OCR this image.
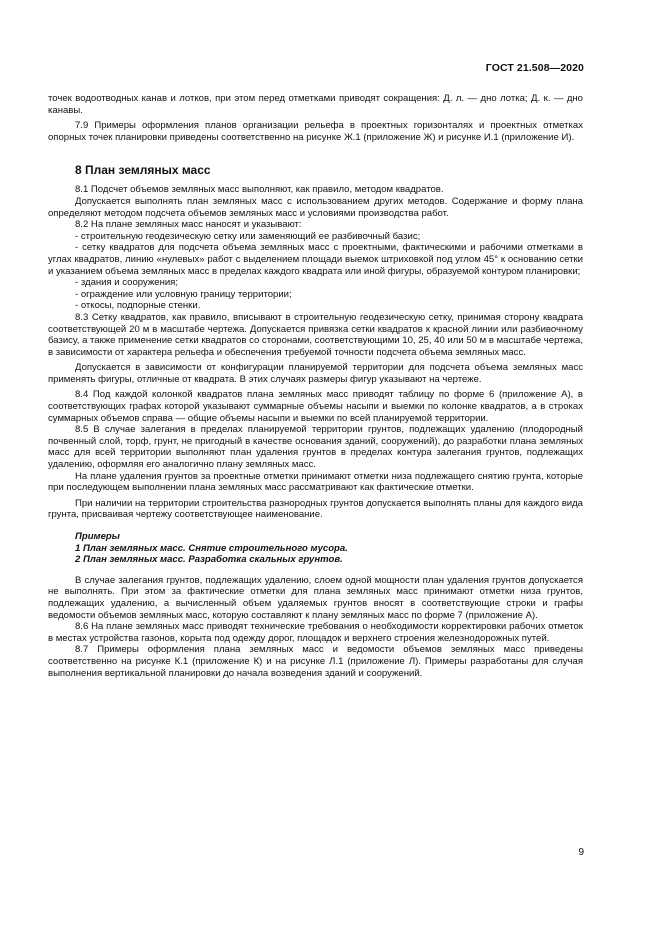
ГОСТ 21.508—2020

точек водоотводных канав и лотков, при этом перед отметками приводят сокращения: Д. л. — дно лотка; Д. к. — дно канавы.

7.9 Примеры оформления планов организации рельефа в проектных горизонталях и проектных отметках опорных точек планировки приведены соответственно на рисунке Ж.1 (приложение Ж) и рисунке И.1 (приложение И).

8 План земляных масс

8.1 Подсчет объемов земляных масс выполняют, как правило, методом квадратов.

Допускается выполнять план земляных масс с использованием других методов. Содержание и форму плана определяют методом подсчета объемов земляных масс и условиями производства работ.

8.2 На плане земляных масс наносят и указывают:

- строительную геодезическую сетку или заменяющий ее разбивочный базис;

- сетку квадратов для подсчета объема земляных масс с проектными, фактическими и рабочими отметками в углах квадратов, линию «нулевых» работ с выделением площади выемок штриховкой под углом 45° к основанию сетки и указанием объема земляных масс в пределах каждого квадрата или иной фигуры, образуемой контуром планировки;

- здания и сооружения;

- ограждение или условную границу территории;

- откосы, подпорные стенки.

8.3 Сетку квадратов, как правило, вписывают в строительную геодезическую сетку, принимая сторону квадрата соответствующей 20 м в масштабе чертежа. Допускается привязка сетки квадратов к красной линии или разбивочному базису, а также применение сетки квадратов со сторонами, соответствующими 10, 25, 40 или 50 м в масштабе чертежа, в зависимости от характера рельефа и обеспечения требуемой точности подсчета объема земляных масс.

Допускается в зависимости от конфигурации планируемой территории для подсчета объема земляных масс применять фигуры, отличные от квадрата. В этих случаях размеры фигур указывают на чертеже.

8.4 Под каждой колонкой квадратов плана земляных масс приводят таблицу по форме 6 (приложение А), в соответствующих графах которой указывают суммарные объемы насыпи и выемки по колонке квадратов, а в строках суммарных объемов справа — общие объемы насыпи и выемки по всей планируемой территории.

8.5 В случае залегания в пределах планируемой территории грунтов, подлежащих удалению (плодородный почвенный слой, торф, грунт, не пригодный в качестве основания зданий, сооружений), до разработки плана земляных масс для всей территории выполняют план удаления грунтов в пределах контура залегания грунтов, подлежащих удалению, оформляя его аналогично плану земляных масс.

На плане удаления грунтов за проектные отметки принимают отметки низа подлежащего снятию грунта, которые при последующем выполнении плана земляных масс рассматривают как фактические отметки.

При наличии на территории строительства разнородных грунтов допускается выполнять планы для каждого вида грунта, присваивая чертежу соответствующее наименование.

Примеры

1 План земляных масс. Снятие строительного мусора.

2 План земляных масс. Разработка скальных грунтов.

В случае залегания грунтов, подлежащих удалению, слоем одной мощности план удаления грунтов допускается не выполнять. При этом за фактические отметки для плана земляных масс принимают отметки низа грунтов, подлежащих удалению, а вычисленный объем удаляемых грунтов вносят в соответствующие строки и графы ведомости объемов земляных масс, которую составляют к плану земляных масс по форме 7 (приложение А).

8.6 На плане земляных масс приводят технические требования о необходимости корректировки рабочих отметок в местах устройства газонов, корыта под одежду дорог, площадок и верхнего строения железнодорожных путей.

8.7 Примеры оформления плана земляных масс и ведомости объемов земляных масс приведены соответственно на рисунке К.1 (приложение К) и на рисунке Л.1 (приложение Л). Примеры разработаны для случая выполнения вертикальной планировки до начала возведения зданий и сооружений.

9
